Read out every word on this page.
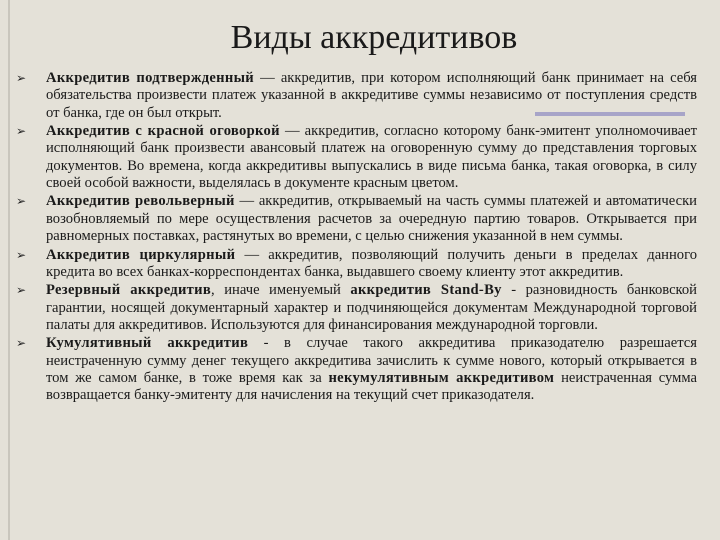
Виды аккредитивов
➢ Аккредитив подтвержденный — аккредитив, при котором исполняющий банк принимает на себя обязательства произвести платеж указанной в аккредитиве суммы независимо от поступления средств от банка, где он был открыт.
➢ Аккредитив с красной оговоркой — аккредитив, согласно которому банк-эмитент уполномочивает исполняющий банк произвести авансовый платеж на оговоренную сумму до представления торговых документов. Во времена, когда аккредитивы выпускались в виде письма банка, такая оговорка, в силу своей особой важности, выделялась в документе красным цветом.
➢ Аккредитив револьверный — аккредитив, открываемый на часть суммы платежей и автоматически возобновляемый по мере осуществления расчетов за очередную партию товаров. Открывается при равномерных поставках, растянутых во времени, с целью снижения указанной в нем суммы.
➢ Аккредитив циркулярный — аккредитив, позволяющий получить деньги в пределах данного кредита во всех банках-корреспондентах банка, выдавшего своему клиенту этот аккредитив.
➢ Резервный аккредитив, иначе именуемый аккредитив Stand-By - разновидность банковской гарантии, носящей документарный характер и подчиняющейся документам Международной торговой палаты для аккредитивов. Используются для финансирования международной торговли.
➢ Кумулятивный аккредитив - в случае такого аккредитива приказодателю разрешается неистраченную сумму денег текущего аккредитива зачислить к сумме нового, который открывается в том же самом банке, в тоже время как за некумулятивным аккредитивом неистраченная сумма возвращается банку-эмитенту для начисления на текущий счет приказодателя.
